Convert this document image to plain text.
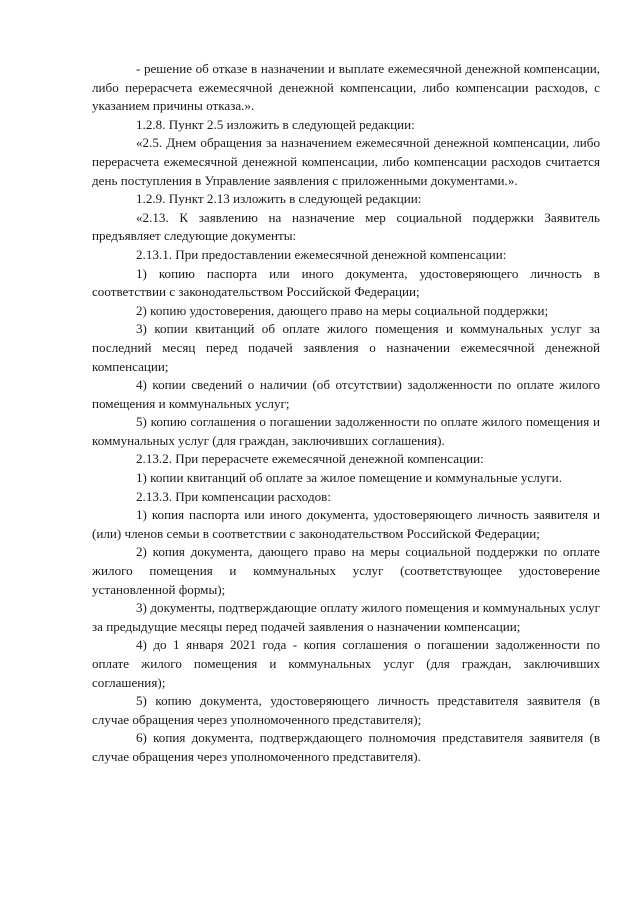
- решение об отказе в назначении и выплате ежемесячной денежной компенсации, либо перерасчета ежемесячной денежной компенсации, либо компенсации расходов, с указанием причины отказа.».

1.2.8. Пункт 2.5 изложить в следующей редакции:

«2.5. Днем обращения за назначением ежемесячной денежной компенсации, либо перерасчета ежемесячной денежной компенсации, либо компенсации расходов считается день поступления в Управление заявления с приложенными документами.».

1.2.9. Пункт 2.13 изложить в следующей редакции:

«2.13. К заявлению на назначение мер социальной поддержки Заявитель предъявляет следующие документы:

2.13.1. При предоставлении ежемесячной денежной компенсации:

1) копию паспорта или иного документа, удостоверяющего личность в соответствии с законодательством Российской Федерации;

2) копию удостоверения, дающего право на меры социальной поддержки;

3) копии квитанций об оплате жилого помещения и коммунальных услуг за последний месяц перед подачей заявления о назначении ежемесячной денежной компенсации;

4) копии сведений о наличии (об отсутствии) задолженности по оплате жилого помещения и коммунальных услуг;

5) копию соглашения о погашении задолженности по оплате жилого помещения и коммунальных услуг (для граждан, заключивших соглашения).

2.13.2. При перерасчете ежемесячной денежной компенсации:

1) копии квитанций об оплате за жилое помещение и коммунальные услуги.

2.13.3. При компенсации расходов:

1) копия паспорта или иного документа, удостоверяющего личность заявителя и (или) членов семьи в соответствии с законодательством Российской Федерации;

2) копия документа, дающего право на меры социальной поддержки по оплате жилого помещения и коммунальных услуг (соответствующее удостоверение установленной формы);

3) документы, подтверждающие оплату жилого помещения и коммунальных услуг за предыдущие месяцы перед подачей заявления о назначении компенсации;

4) до 1 января 2021 года - копия соглашения о погашении задолженности по оплате жилого помещения и коммунальных услуг (для граждан, заключивших соглашения);

5) копию документа, удостоверяющего личность представителя заявителя (в случае обращения через уполномоченного представителя);

6) копия документа, подтверждающего полномочия представителя заявителя (в случае обращения через уполномоченного представителя).
